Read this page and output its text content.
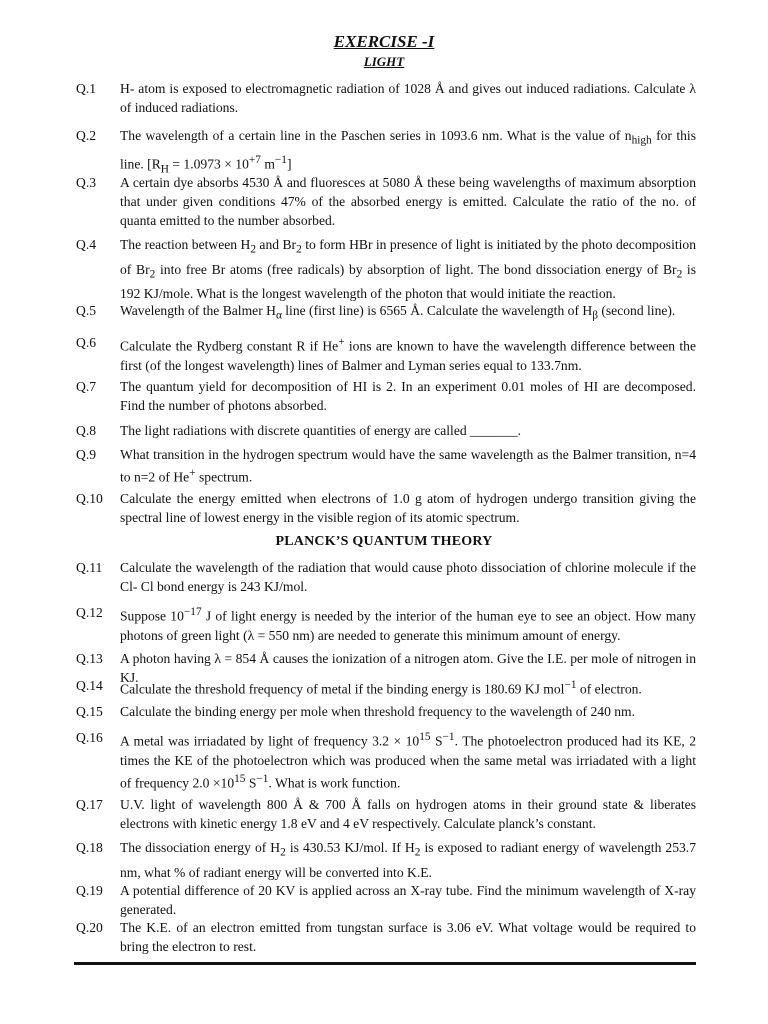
EXERCISE -I
LIGHT
Q.1	H- atom is exposed to electromagnetic radiation of 1028 Å and gives out induced radiations. Calculate λ of induced radiations.
Q.2	The wavelength of a certain line in the Paschen series in 1093.6 nm. What is the value of $n_{high}$ for this line. [$R_H = 1.0973 \times 10^{+7}$ $m^{-1}$]
Q.3	A certain dye absorbs 4530 Å and fluoresces at 5080 Å these being wavelengths of maximum absorption that under given conditions 47% of the absorbed energy is emitted. Calculate the ratio of the no. of quanta emitted to the number absorbed.
Q.4	The reaction between $H_2$ and $Br_2$ to form HBr in presence of light is initiated by the photo decomposition of $Br_2$ into free Br atoms (free radicals) by absorption of light. The bond dissociation energy of $Br_2$ is 192 KJ/mole. What is the longest wavelength of the photon that would initiate the reaction.
Q.5	Wavelength of the Balmer $H_\alpha$ line (first line) is 6565 Å. Calculate the wavelength of $H_\beta$ (second line).
Q.6	Calculate the Rydberg constant R if He+ ions are known to have the wavelength difference between the first (of the longest wavelength) lines of Balmer and Lyman series equal to 133.7nm.
Q.7	The quantum yield for decomposition of HI is 2. In an experiment 0.01 moles of HI are decomposed. Find the number of photons absorbed.
Q.8	The light radiations with discrete quantities of energy are called _______.
Q.9	What transition in the hydrogen spectrum would have the same wavelength as the Balmer transition, n=4 to n=2 of He+ spectrum.
Q.10	Calculate the energy emitted when electrons of 1.0 g atom of hydrogen undergo transition giving the spectral line of lowest energy in the visible region of its atomic spectrum.
PLANCK’S QUANTUM THEORY
Q.11	Calculate the wavelength of the radiation that would cause photo dissociation of chlorine molecule if the Cl- Cl bond energy is 243 KJ/mol.
Q.12	Suppose $10^{-17}$ J of light energy is needed by the interior of the human eye to see an object. How many photons of green light (λ = 550 nm) are needed to generate this minimum amount of energy.
Q.13	A photon having λ = 854 Å causes the ionization of a nitrogen atom. Give the I.E. per mole of nitrogen in KJ.
Q.14	Calculate the threshold frequency of metal if the binding energy is 180.69 KJ mol$^{-1}$ of electron.
Q.15	Calculate the binding energy per mole when threshold frequency to the wavelength of 240 nm.
Q.16	A metal was irriadated by light of frequency $3.2 \times 10^{15}$ $S^{-1}$. The photoelectron produced had its KE, 2 times the KE of the photoelectron which was produced when the same metal was irriadated with a light of frequency $2.0 \times 10^{15}$ $S^{-1}$. What is work function.
Q.17	U.V. light of wavelength 800 Å & 700 Å falls on hydrogen atoms in their ground state & liberates electrons with kinetic energy 1.8 eV and 4 eV respectively. Calculate planck’s constant.
Q.18	The dissociation energy of $H_2$ is 430.53 KJ/mol. If $H_2$ is exposed to radiant energy of wavelength 253.7 nm, what % of radiant energy will be converted into K.E.
Q.19	A potential difference of 20 KV is applied across an X-ray tube. Find the minimum wavelength of X-ray generated.
Q.20	The K.E. of an electron emitted from tungstan surface is 3.06 eV. What voltage would be required to bring the electron to rest.
